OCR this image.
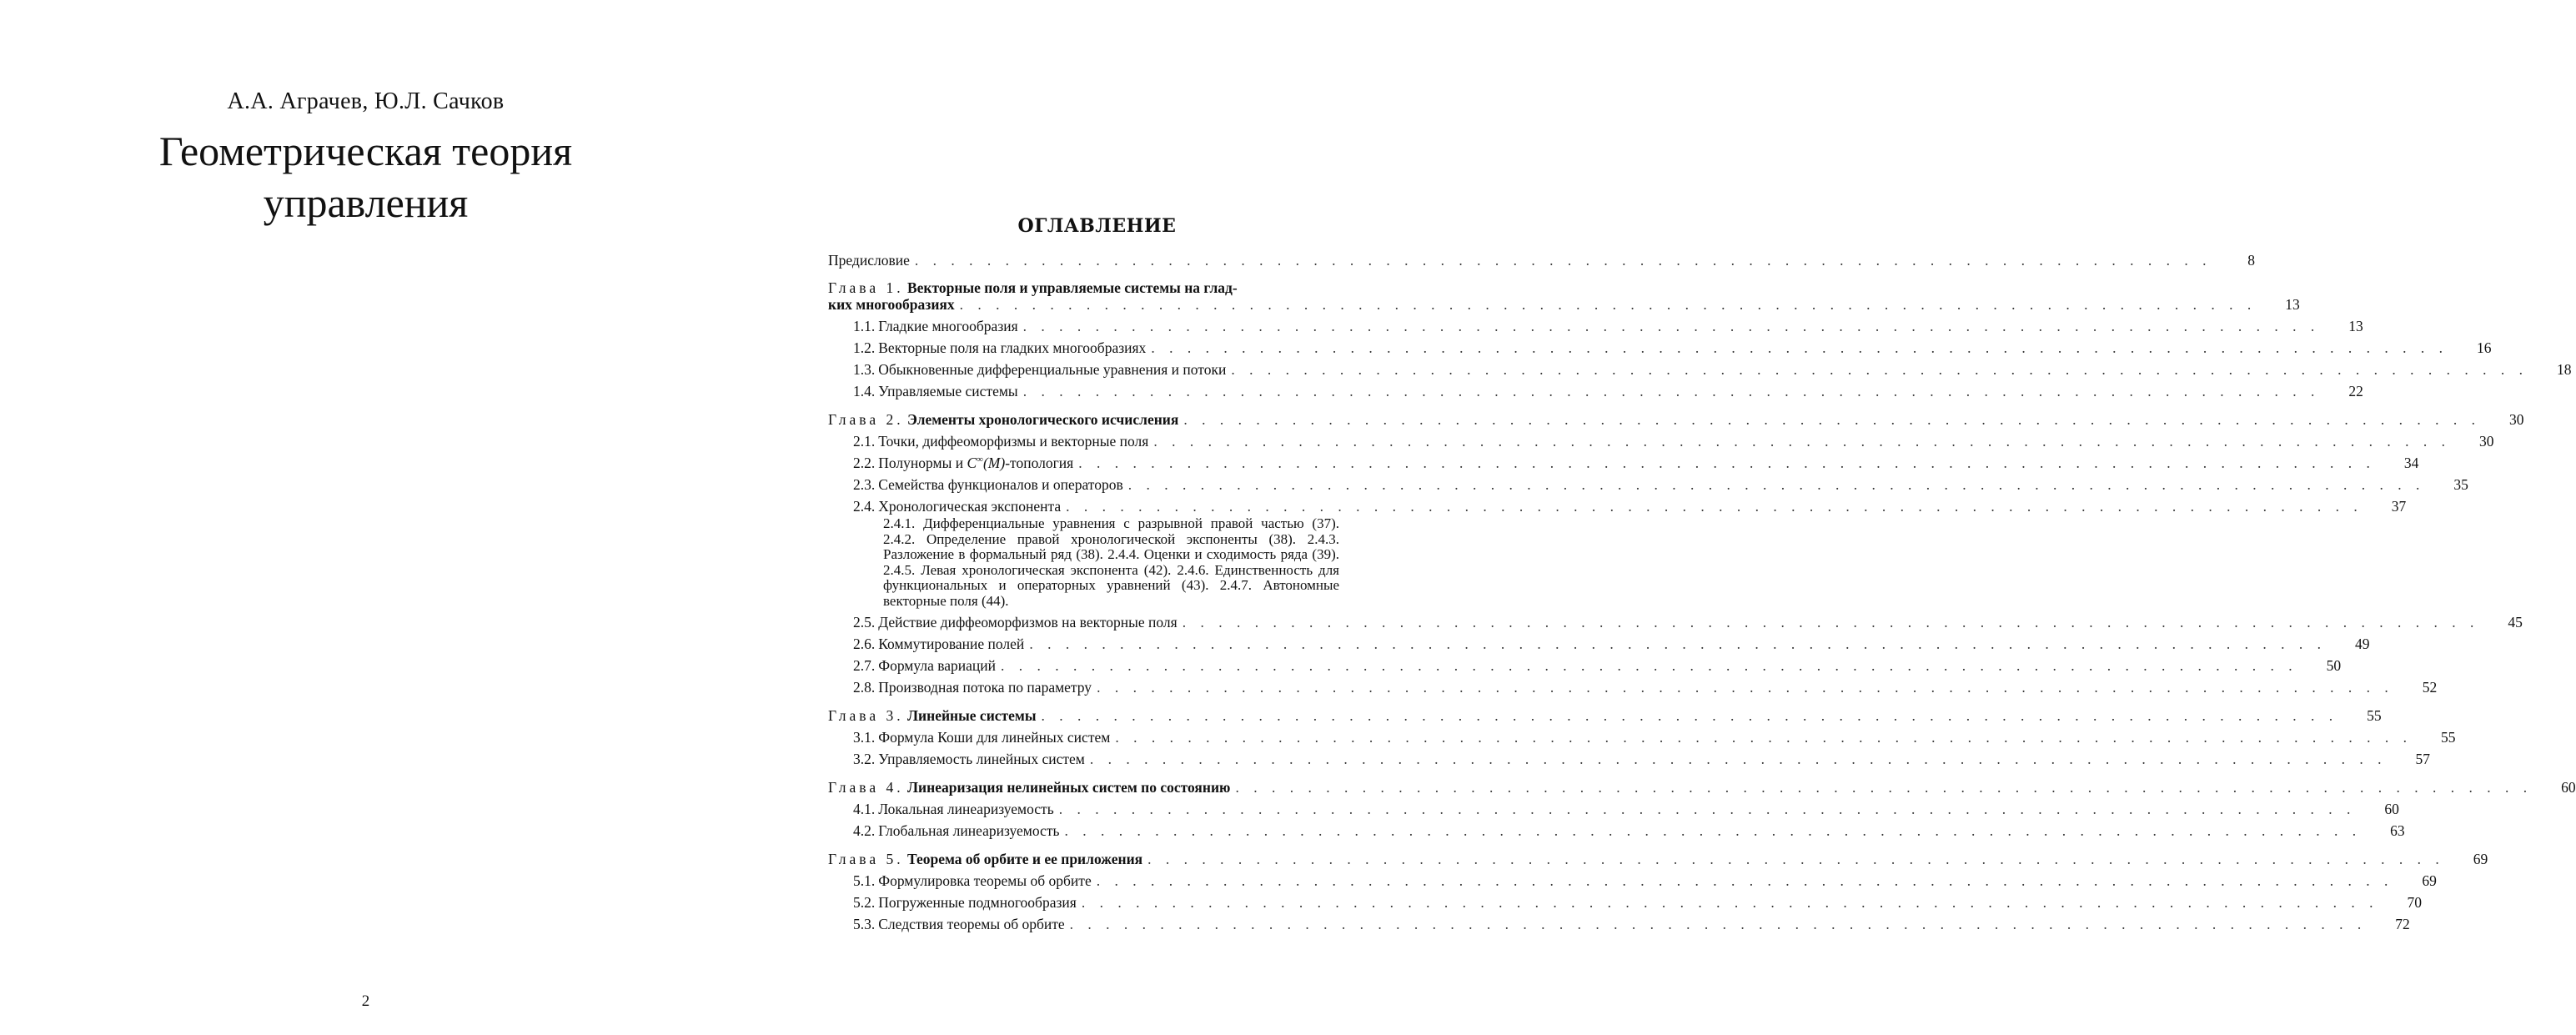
А.А. Аграчев, Ю.Л. Сачков
Геометрическая теория
управления
2
ОГЛАВЛЕНИЕ
Предисловие . . . . . . . . . . . . . . . . . . . . . . . . . . . . . . . . . . . . . . . . . . . . . . . . . . . . . . . . . . . . . . . . . . . . . . . .	8
Глава 1. Векторные поля и управляемые системы на глад-
ких многообразиях . . . . . . . . . . . . . . . . . . . . . . . . . . . . . . . . . . . . . . . . . . . . . . . . . . . . . . . . . . . . . . . . . . . . . . . .	13
1.1. Гладкие многообразия . . . . . . . . . . . . . . . . . . . . . . . . . . . . . . . . . . . . . . . . . . . . . . . . . . . . . . . . . . . . . . . . . . . . . . . .	13
1.2. Векторные поля на гладких многообразиях . . . . . . . . . . . . . . . . . . . . . . . . . . . . . . . . . . . . . . . . . . . . . . . . . . . . . . . . . . . . . . . . . . . . . . . .	16
1.3. Обыкновенные дифференциальные уравнения и потоки . . . . . . . . . . . . . . . . . . . . . . . . . . . . . . . . . . . . . . . . . . . . . . . . . . . . . . . . . . . . . . . . . . . . . . . .	18
1.4. Управляемые системы . . . . . . . . . . . . . . . . . . . . . . . . . . . . . . . . . . . . . . . . . . . . . . . . . . . . . . . . . . . . . . . . . . . . . . . .	22
Глава 2. Элементы хронологического исчисления . . . . . . . . . . . . . . . . . . . . . . . . . . . . . . . . . . . . . . . . . . . . . . . . . . . . . . . . . . . . . . . . . . . . . . . .	30
2.1. Точки, диффеоморфизмы и векторные поля . . . . . . . . . . . . . . . . . . . . . . . . . . . . . . . . . . . . . . . . . . . . . . . . . . . . . . . . . . . . . . . . . . . . . . . .	30
2.2. Полунормы и C∞(M)-топология . . . . . . . . . . . . . . . . . . . . . . . . . . . . . . . . . . . . . . . . . . . . . . . . . . . . . . . . . . . . . . . . . . . . . . . .	34
2.3. Семейства функционалов и операторов . . . . . . . . . . . . . . . . . . . . . . . . . . . . . . . . . . . . . . . . . . . . . . . . . . . . . . . . . . . . . . . . . . . . . . . .	35
2.4. Хронологическая экспонента . . . . . . . . . . . . . . . . . . . . . . . . . . . . . . . . . . . . . . . . . . . . . . . . . . . . . . . . . . . . . . . . . . . . . . . .	37
2.4.1. Дифференциальные уравнения с разрывной правой частью (37). 2.4.2. Определение правой хронологической экспоненты (38). 2.4.3. Разложение в формальный ряд (38). 2.4.4. Оценки и сходимость ряда (39). 2.4.5. Левая хронологическая экспонента (42). 2.4.6. Единственность для функциональных и операторных уравнений (43). 2.4.7. Автономные векторные поля (44).
2.5. Действие диффеоморфизмов на векторные поля . . . . . . . . . . . . . . . . . . . . . . . . . . . . . . . . . . . . . . . . . . . . . . . . . . . . . . . . . . . . . . . . . . . . . . . .	45
2.6. Коммутирование полей . . . . . . . . . . . . . . . . . . . . . . . . . . . . . . . . . . . . . . . . . . . . . . . . . . . . . . . . . . . . . . . . . . . . . . . .	49
2.7. Формула вариаций . . . . . . . . . . . . . . . . . . . . . . . . . . . . . . . . . . . . . . . . . . . . . . . . . . . . . . . . . . . . . . . . . . . . . . . .	50
2.8. Производная потока по параметру . . . . . . . . . . . . . . . . . . . . . . . . . . . . . . . . . . . . . . . . . . . . . . . . . . . . . . . . . . . . . . . . . . . . . . . .	52
Глава 3. Линейные системы . . . . . . . . . . . . . . . . . . . . . . . . . . . . . . . . . . . . . . . . . . . . . . . . . . . . . . . . . . . . . . . . . . . . . . . .	55
3.1. Формула Коши для линейных систем . . . . . . . . . . . . . . . . . . . . . . . . . . . . . . . . . . . . . . . . . . . . . . . . . . . . . . . . . . . . . . . . . . . . . . . .	55
3.2. Управляемость линейных систем . . . . . . . . . . . . . . . . . . . . . . . . . . . . . . . . . . . . . . . . . . . . . . . . . . . . . . . . . . . . . . . . . . . . . . . .	57
Глава 4. Линеаризация нелинейных систем по состоянию . . . . . . . . . . . . . . . . . . . . . . . . . . . . . . . . . . . . . . . . . . . . . . . . . . . . . . . . . . . . . . . . . . . . . . . .	60
4.1. Локальная линеаризуемость . . . . . . . . . . . . . . . . . . . . . . . . . . . . . . . . . . . . . . . . . . . . . . . . . . . . . . . . . . . . . . . . . . . . . . . .	60
4.2. Глобальная линеаризуемость . . . . . . . . . . . . . . . . . . . . . . . . . . . . . . . . . . . . . . . . . . . . . . . . . . . . . . . . . . . . . . . . . . . . . . . .	63
Глава 5. Теорема об орбите и ее приложения . . . . . . . . . . . . . . . . . . . . . . . . . . . . . . . . . . . . . . . . . . . . . . . . . . . . . . . . . . . . . . . . . . . . . . . .	69
5.1. Формулировка теоремы об орбите . . . . . . . . . . . . . . . . . . . . . . . . . . . . . . . . . . . . . . . . . . . . . . . . . . . . . . . . . . . . . . . . . . . . . . . .	69
5.2. Погруженные подмногообразия . . . . . . . . . . . . . . . . . . . . . . . . . . . . . . . . . . . . . . . . . . . . . . . . . . . . . . . . . . . . . . . . . . . . . . . .	70
5.3. Следствия теоремы об орбите . . . . . . . . . . . . . . . . . . . . . . . . . . . . . . . . . . . . . . . . . . . . . . . . . . . . . . . . . . . . . . . . . . . . . . . .	72
